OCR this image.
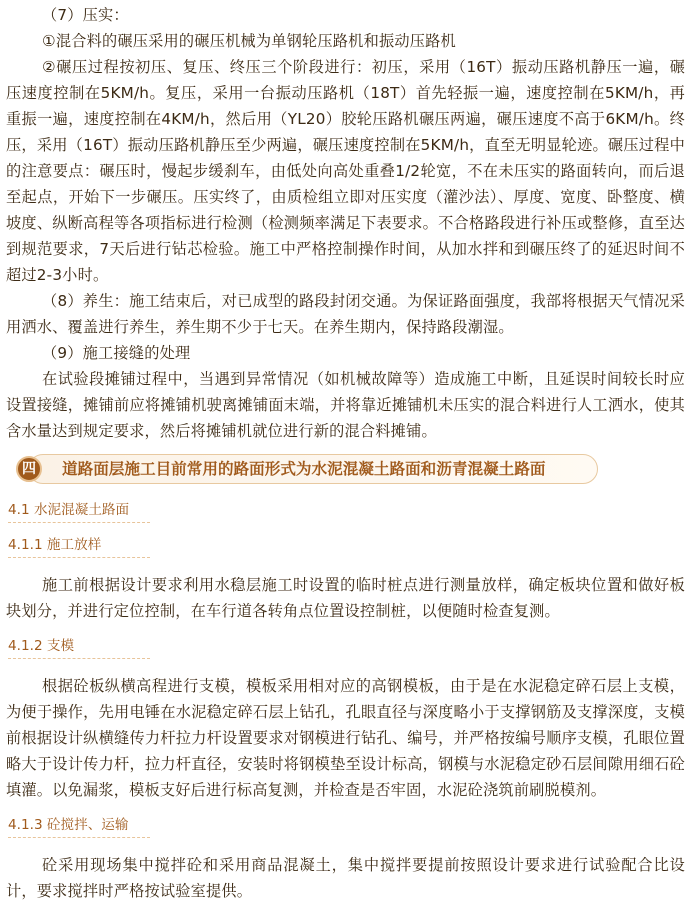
（7）压实：

①混合料的碾压采用的碾压机械为单钢轮压路机和振动压路机

②碾压过程按初压、复压、终压三个阶段进行：初压，采用（16T）振动压路机静压一遍，碾压速度控制在5KM/h。复压，采用一台振动压路机（18T）首先轻振一遍，速度控制在5KM/h，再重振一遍，速度控制在4KM/h，然后用（YL20）胶轮压路机碾压两遍，碾压速度不高于6KM/h。终压，采用（16T）振动压路机静压至少两遍，碾压速度控制在5KM/h，直至无明显轮迹。碾压过程中的注意要点：碾压时，慢起步缓刹车，由低处向高处重叠1/2轮宽，不在未压实的路面转向，而后退至起点，开始下一步碾压。压实终了，由质检组立即对压实度（灌沙法）、厚度、宽度、卧整度、横坡度、纵断高程等各项指标进行检测（检测频率满足下表要求。不合格路段进行补压或整修，直至达到规范要求，7天后进行钻芯检验。施工中严格控制操作时间，从加水拌和到碾压终了的延迟时间不超过2-3小时。

（8）养生：施工结束后，对已成型的路段封闭交通。为保证路面强度，我部将根据天气情况采用洒水、覆盖进行养生，养生期不少于七天。在养生期内，保持路段潮湿。

（9）施工接缝的处理

在试验段摊铺过程中，当遇到异常情况（如机械故障等）造成施工中断，且延误时间较长时应设置接缝，摊铺前应将摊铺机驶离摊铺面末端，并将靠近摊铺机未压实的混合料进行人工洒水，使其含水量达到规定要求，然后将摊铺机就位进行新的混合料摊铺。

四	道路面层施工目前常用的路面形式为水泥混凝土路面和沥青混凝土路面
4.1 水泥混凝土路面
4.1.1 施工放样

施工前根据设计要求利用水稳层施工时设置的临时桩点进行测量放样，确定板块位置和做好板块划分，并进行定位控制，在车行道各转角点位置设控制桩，以便随时检查复测。

4.1.2 支模

根据砼板纵横高程进行支模，模板采用相对应的高钢模板，由于是在水泥稳定碎石层上支模，为便于操作，先用电锤在水泥稳定碎石层上钻孔，孔眼直径与深度略小于支撑钢筋及支撑深度，支模前根据设计纵横缝传力杆拉力杆设置要求对钢模进行钻孔、编号，并严格按编号顺序支模，孔眼位置略大于设计传力杆，拉力杆直径，安装时将钢模垫至设计标高，钢模与水泥稳定砂石层间隙用细石砼填灌。以免漏浆，模板支好后进行标高复测，并检查是否牢固，水泥砼浇筑前刷脱模剂。

4.1.3 砼搅拌、运输

砼采用现场集中搅拌砼和采用商品混凝土，集中搅拌要提前按照设计要求进行试验配合比设计，要求搅拌时严格按试验室提供。
